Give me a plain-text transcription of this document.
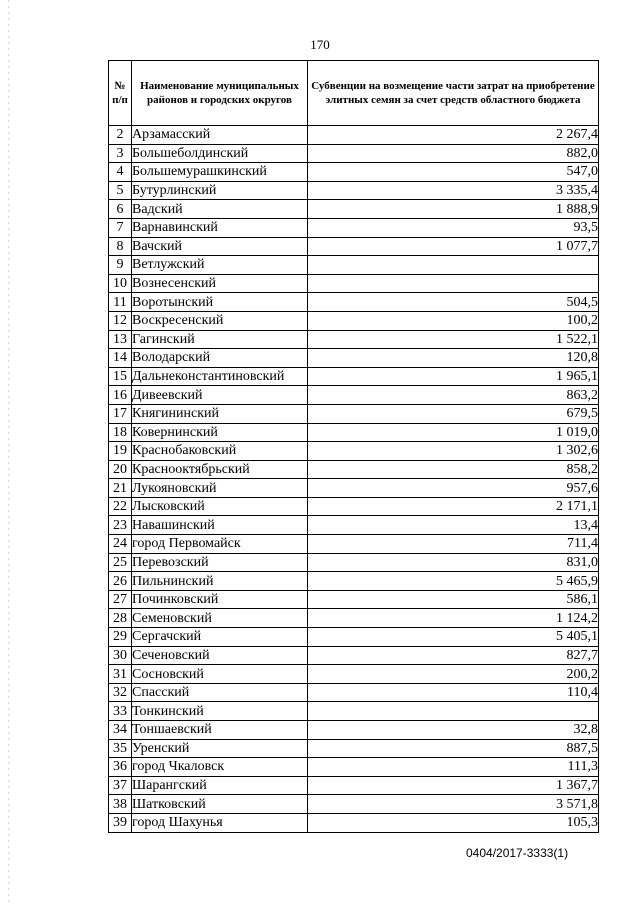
170
№ п/п	Наименование муниципальных районов и городских округов	Субвенции на возмещение части затрат на приобретение элитных семян за счет средств областного бюджета
2	Арзамасский	2 267,4
3	Большеболдинский	882,0
4	Большемурашкинский	547,0
5	Бутурлинский	3 335,4
6	Вадский	1 888,9
7	Варнавинский	93,5
8	Вачский	1 077,7
9	Ветлужский	
10	Вознесенский	
11	Воротынский	504,5
12	Воскресенский	100,2
13	Гагинский	1 522,1
14	Володарский	120,8
15	Дальнеконстантиновский	1 965,1
16	Дивеевский	863,2
17	Княгининский	679,5
18	Ковернинский	1 019,0
19	Краснобаковский	1 302,6
20	Краснооктябрьский	858,2
21	Лукояновский	957,6
22	Лысковский	2 171,1
23	Навашинский	13,4
24	город Первомайск	711,4
25	Перевозский	831,0
26	Пильнинский	5 465,9
27	Починковский	586,1
28	Семеновский	1 124,2
29	Сергачский	5 405,1
30	Сеченовский	827,7
31	Сосновский	200,2
32	Спасский	110,4
33	Тонкинский	
34	Тоншаевский	32,8
35	Уренский	887,5
36	город Чкаловск	111,3
37	Шарангский	1 367,7
38	Шатковский	3 571,8
39	город Шахунья	105,3
0404/2017-3333(1)
